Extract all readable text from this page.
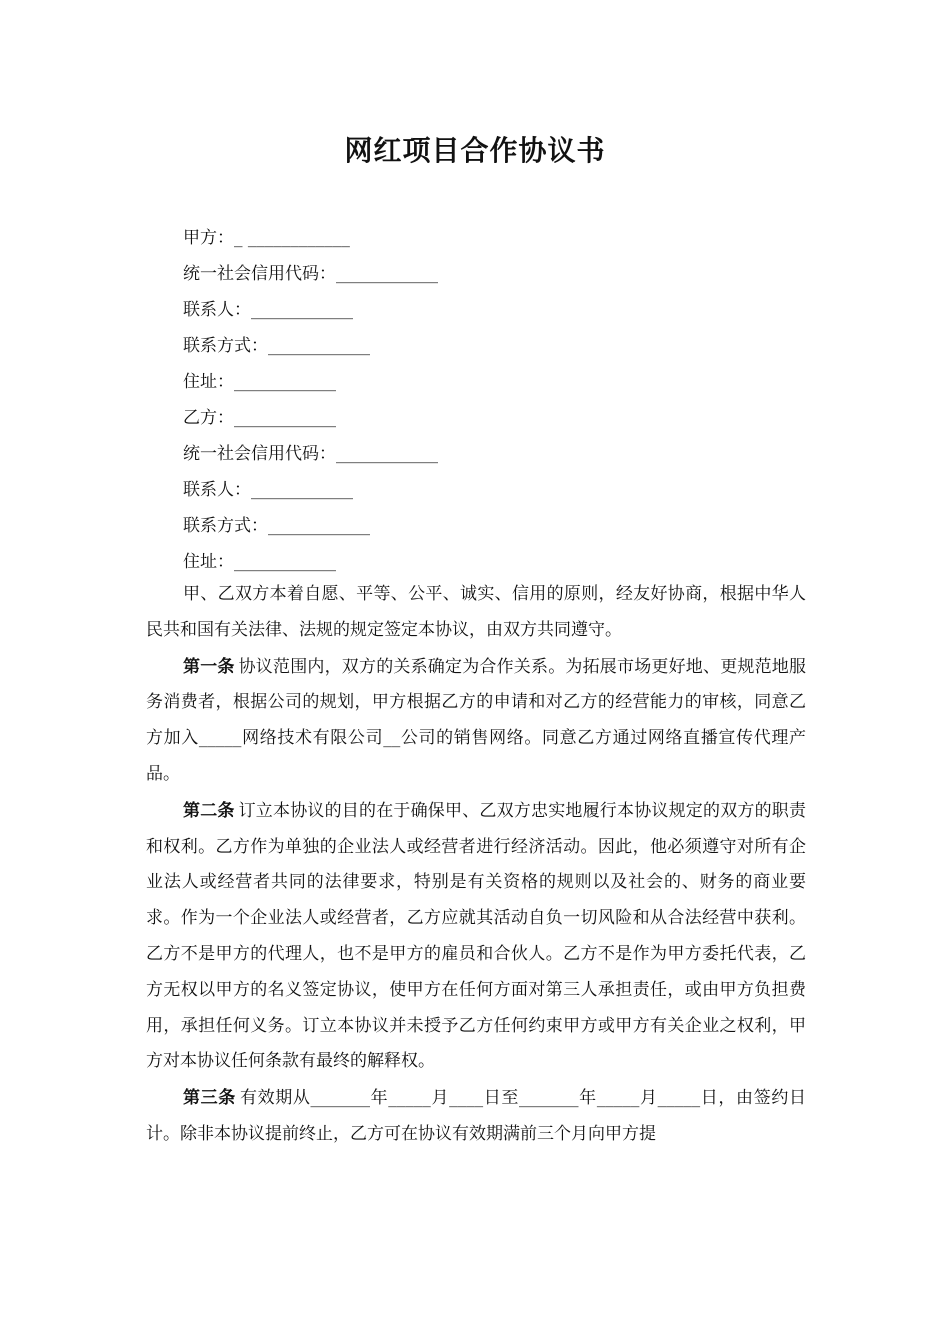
网红项目合作协议书
甲方：_ ____________
统一社会信用代码：____________
联系人：____________
联系方式：____________
住址：____________
乙方：____________
统一社会信用代码：____________
联系人：____________
联系方式：____________
住址：____________

甲、乙双方本着自愿、平等、公平、诚实、信用的原则，经友好协商，根据中华人民共和国有关法律、法规的规定签定本协议，由双方共同遵守。

第一条 协议范围内，双方的关系确定为合作关系。为拓展市场更好地、更规范地服务消费者，根据公司的规划，甲方根据乙方的申请和对乙方的经营能力的审核，同意乙方加入_____网络技术有限公司__公司的销售网络。同意乙方通过网络直播宣传代理产品。

第二条 订立本协议的目的在于确保甲、乙双方忠实地履行本协议规定的双方的职责和权利。乙方作为单独的企业法人或经营者进行经济活动。因此，他必须遵守对所有企业法人或经营者共同的法律要求，特别是有关资格的规则以及社会的、财务的商业要求。作为一个企业法人或经营者，乙方应就其活动自负一切风险和从合法经营中获利。乙方不是甲方的代理人，也不是甲方的雇员和合伙人。乙方不是作为甲方委托代表，乙方无权以甲方的名义签定协议，使甲方在任何方面对第三人承担责任，或由甲方负担费用，承担任何义务。订立本协议并未授予乙方任何约束甲方或甲方有关企业之权利，甲方对本协议任何条款有最终的解释权。

第三条 有效期从_______年_____月____日至_______年_____月_____日，由签约日计。除非本协议提前终止，乙方可在协议有效期满前三个月向甲方提
